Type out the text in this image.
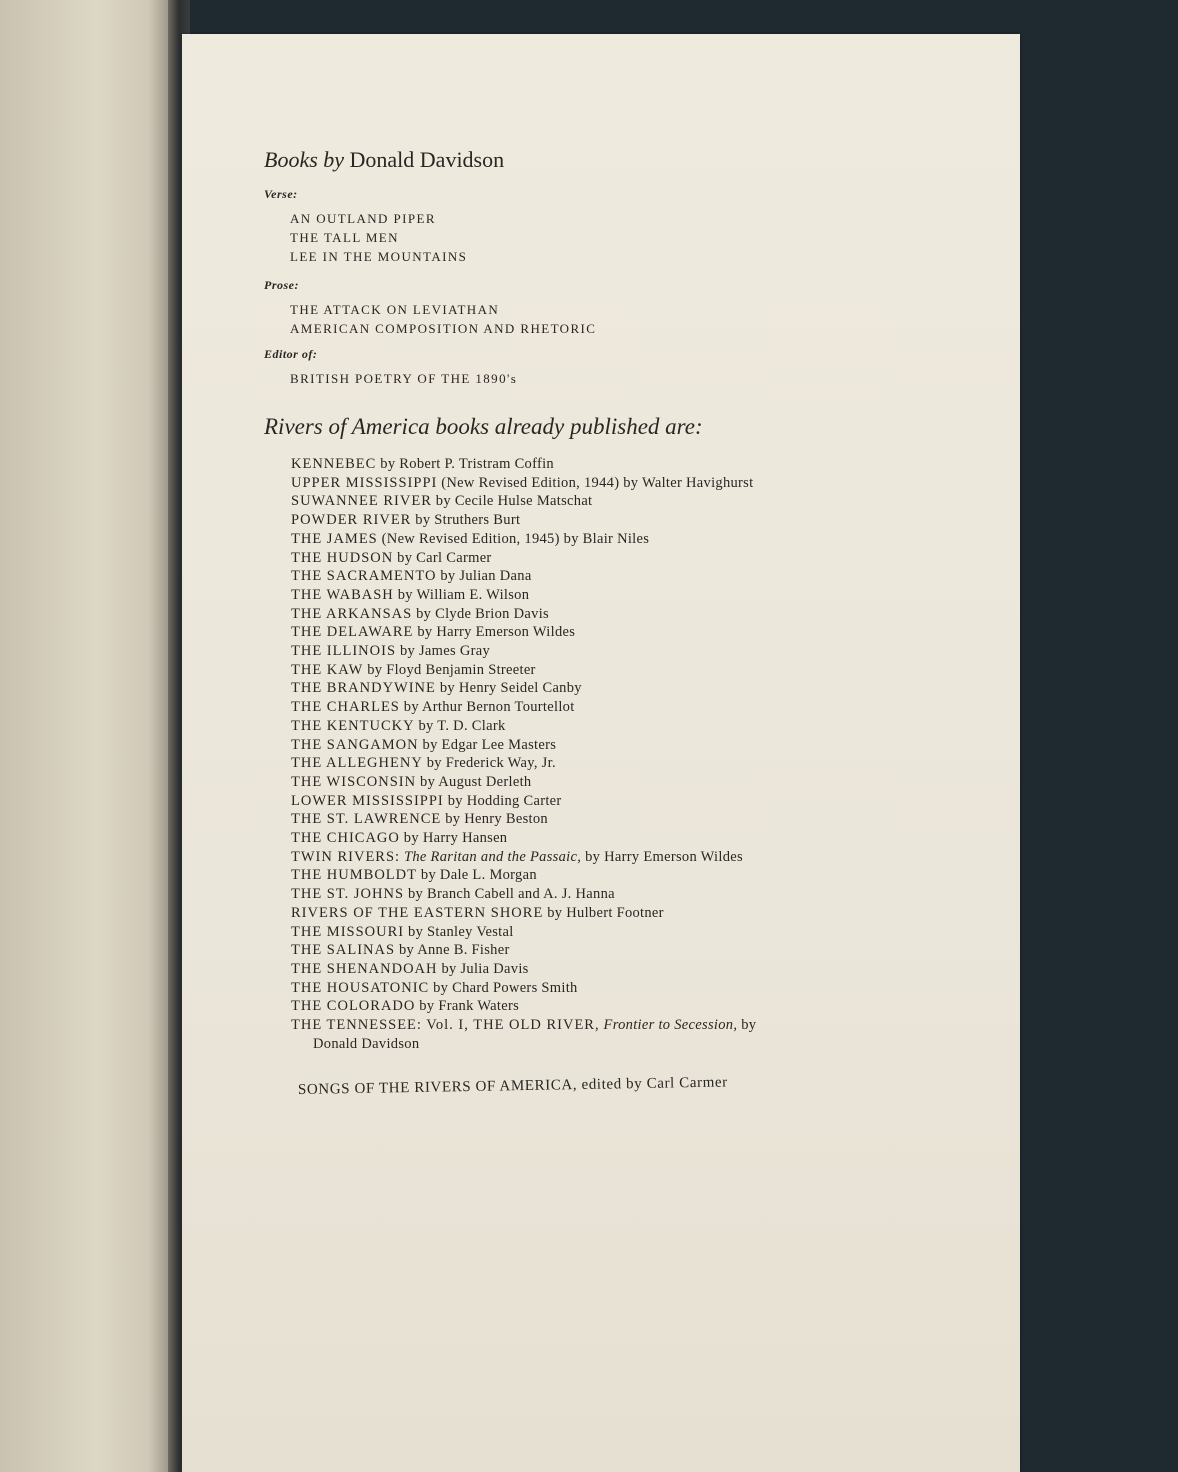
Books by Donald Davidson
Verse:
AN OUTLAND PIPER
THE TALL MEN
LEE IN THE MOUNTAINS
Prose:
THE ATTACK ON LEVIATHAN
AMERICAN COMPOSITION AND RHETORIC
Editor of:
BRITISH POETRY OF THE 1890's
Rivers of America books already published are:
KENNEBEC by Robert P. Tristram Coffin
UPPER MISSISSIPPI (New Revised Edition, 1944) by Walter Havighurst
SUWANNEE RIVER by Cecile Hulse Matschat
POWDER RIVER by Struthers Burt
THE JAMES (New Revised Edition, 1945) by Blair Niles
THE HUDSON by Carl Carmer
THE SACRAMENTO by Julian Dana
THE WABASH by William E. Wilson
THE ARKANSAS by Clyde Brion Davis
THE DELAWARE by Harry Emerson Wildes
THE ILLINOIS by James Gray
THE KAW by Floyd Benjamin Streeter
THE BRANDYWINE by Henry Seidel Canby
THE CHARLES by Arthur Bernon Tourtellot
THE KENTUCKY by T. D. Clark
THE SANGAMON by Edgar Lee Masters
THE ALLEGHENY by Frederick Way, Jr.
THE WISCONSIN by August Derleth
LOWER MISSISSIPPI by Hodding Carter
THE ST. LAWRENCE by Henry Beston
THE CHICAGO by Harry Hansen
TWIN RIVERS: The Raritan and the Passaic, by Harry Emerson Wildes
THE HUMBOLDT by Dale L. Morgan
THE ST. JOHNS by Branch Cabell and A. J. Hanna
RIVERS OF THE EASTERN SHORE by Hulbert Footner
THE MISSOURI by Stanley Vestal
THE SALINAS by Anne B. Fisher
THE SHENANDOAH by Julia Davis
THE HOUSATONIC by Chard Powers Smith
THE COLORADO by Frank Waters
THE TENNESSEE: Vol. I, THE OLD RIVER, Frontier to Secession, by
Donald Davidson
SONGS OF THE RIVERS OF AMERICA, edited by Carl Carmer
